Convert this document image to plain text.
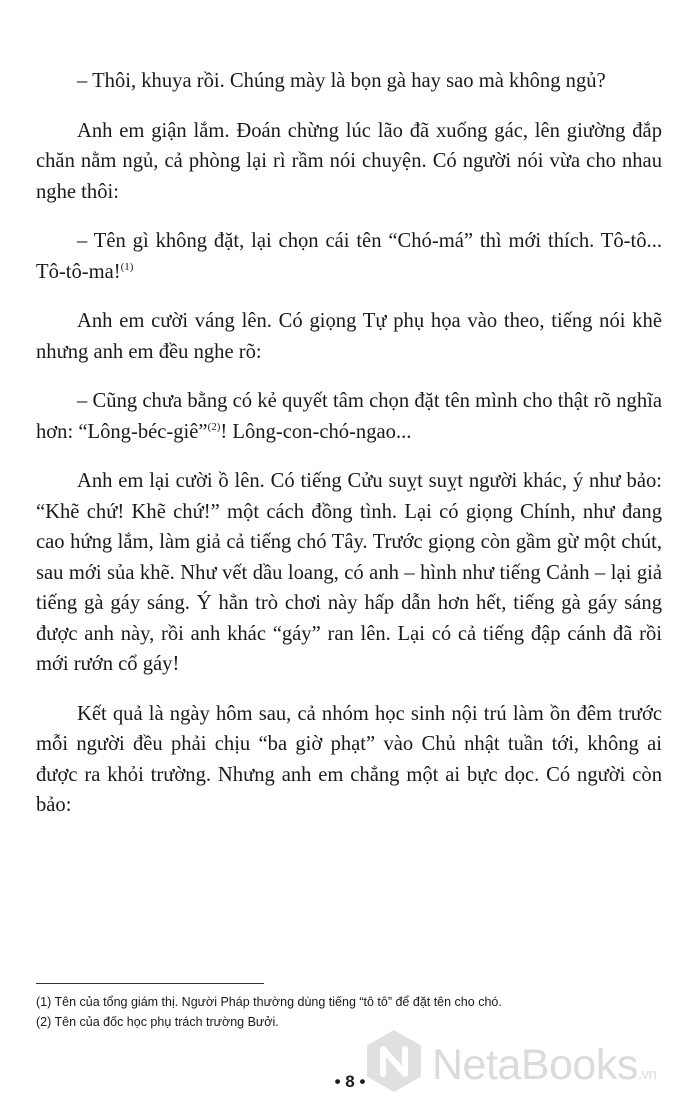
– Thôi, khuya rồi. Chúng mày là bọn gà hay sao mà không ngủ?

Anh em giận lắm. Đoán chừng lúc lão đã xuống gác, lên giường đắp chăn nằm ngủ, cả phòng lại rì rầm nói chuyện. Có người nói vừa cho nhau nghe thôi:

– Tên gì không đặt, lại chọn cái tên “Chó-má” thì mới thích. Tô-tô... Tô-tô-ma!$^{(1)}$

Anh em cười váng lên. Có giọng Tự phụ họa vào theo, tiếng nói khẽ nhưng anh em đều nghe rõ:

– Cũng chưa bằng có kẻ quyết tâm chọn đặt tên mình cho thật rõ nghĩa hơn: “Lông-béc-giê”$^{(2)}$! Lông-con-chó-ngao...

Anh em lại cười ồ lên. Có tiếng Cửu suỵt suỵt người khác, ý như bảo: “Khẽ chứ! Khẽ chứ!” một cách đồng tình. Lại có giọng Chính, như đang cao hứng lắm, làm giả cả tiếng chó Tây. Trước giọng còn gầm gừ một chút, sau mới sủa khẽ. Như vết dầu loang, có anh – hình như tiếng Cảnh – lại giả tiếng gà gáy sáng. Ý hẳn trò chơi này hấp dẫn hơn hết, tiếng gà gáy sáng được anh này, rồi anh khác “gáy” ran lên. Lại có cả tiếng đập cánh đã rồi mới rướn cổ gáy!

Kết quả là ngày hôm sau, cả nhóm học sinh nội trú làm ồn đêm trước mỗi người đều phải chịu “ba giờ phạt” vào Chủ nhật tuần tới, không ai được ra khỏi trường. Nhưng anh em chẳng một ai bực dọc. Có người còn bảo:

(1) Tên của tổng giám thị. Người Pháp thường dùng tiếng “tô tô” để đặt tên cho chó.
(2) Tên của đốc học phụ trách trường Bưởi.
• 8 •	NetaBooks.vn
